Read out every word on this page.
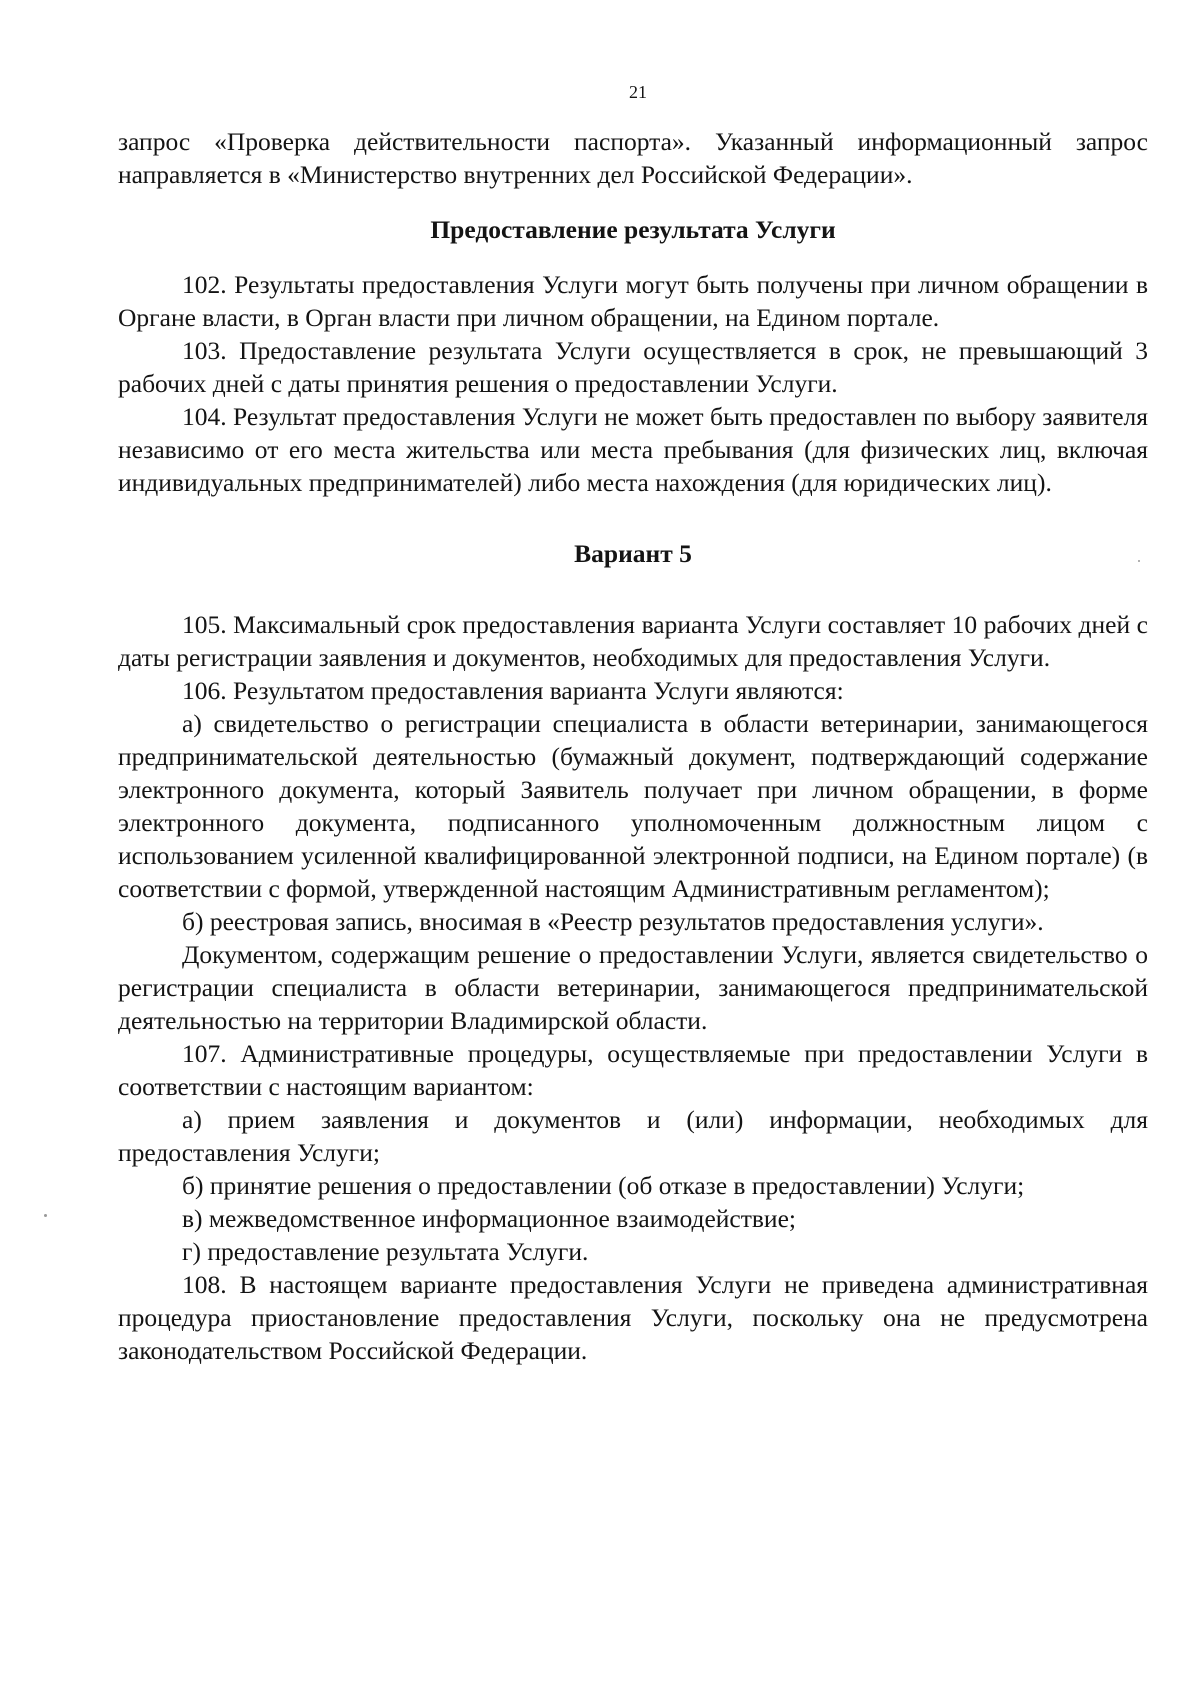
21

запрос «Проверка действительности паспорта». Указанный информационный запрос направляется в «Министерство внутренних дел Российской Федерации».

Предоставление результата Услуги

102. Результаты предоставления Услуги могут быть получены при личном обращении в Органе власти, в Орган власти при личном обращении, на Едином портале.

103. Предоставление результата Услуги осуществляется в срок, не превышающий 3 рабочих дней с даты принятия решения о предоставлении Услуги.

104. Результат предоставления Услуги не может быть предоставлен по выбору заявителя независимо от его места жительства или места пребывания (для физических лиц, включая индивидуальных предпринимателей) либо места нахождения (для юридических лиц).

Вариант 5

105. Максимальный срок предоставления варианта Услуги составляет 10 рабочих дней с даты регистрации заявления и документов, необходимых для предоставления Услуги.

106. Результатом предоставления варианта Услуги являются:

а) свидетельство о регистрации специалиста в области ветеринарии, занимающегося предпринимательской деятельностью (бумажный документ, подтверждающий содержание электронного документа, который Заявитель получает при личном обращении, в форме электронного документа, подписанного уполномоченным должностным лицом с использованием усиленной квалифицированной электронной подписи, на Едином портале) (в соответствии с формой, утвержденной настоящим Административным регламентом);

б) реестровая запись, вносимая в «Реестр результатов предоставления услуги».

Документом, содержащим решение о предоставлении Услуги, является свидетельство о регистрации специалиста в области ветеринарии, занимающегося предпринимательской деятельностью на территории Владимирской области.

107. Административные процедуры, осуществляемые при предоставлении Услуги в соответствии с настоящим вариантом:

а) прием заявления и документов и (или) информации, необходимых для предоставления Услуги;

б) принятие решения о предоставлении (об отказе в предоставлении) Услуги;

в) межведомственное информационное взаимодействие;

г) предоставление результата Услуги.

108. В настоящем варианте предоставления Услуги не приведена административная процедура приостановление предоставления Услуги, поскольку она не предусмотрена законодательством Российской Федерации.
